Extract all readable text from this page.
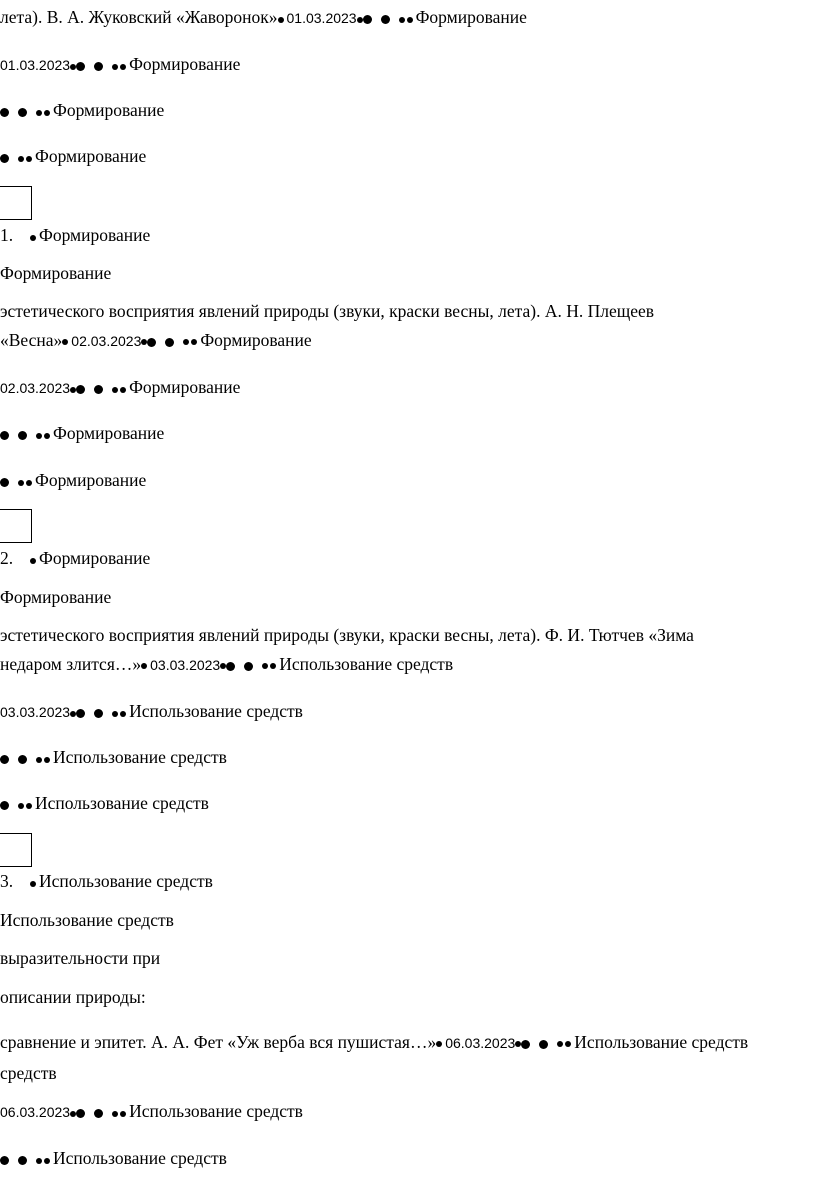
лета). В. А. Жуковский «Жаворонок» 01.03.2023	Формирование
01.03.2023	Формирование
Формирование
Формирование
1. Формирование
Формирование
эстетического восприятия явлений природы (звуки, краски весны, лета). А. Н. Плещеев
«Весна» 02.03.2023	Формирование
02.03.2023	Формирование
Формирование
Формирование
2. Формирование
Формирование
эстетического восприятия явлений природы (звуки, краски весны, лета). Ф. И. Тютчев «Зима
недаром злится…» 03.03.2023	Использование средств
03.03.2023	Использование средств
Использование средств
Использование средств
3. Использование средств
Использование средств
выразительности при
описании природы:
сравнение и эпитет. А. А. Фет «Уж верба вся пушистая…» 06.03.2023	Использование средств
средств
06.03.2023	Использование средств
Использование средств
